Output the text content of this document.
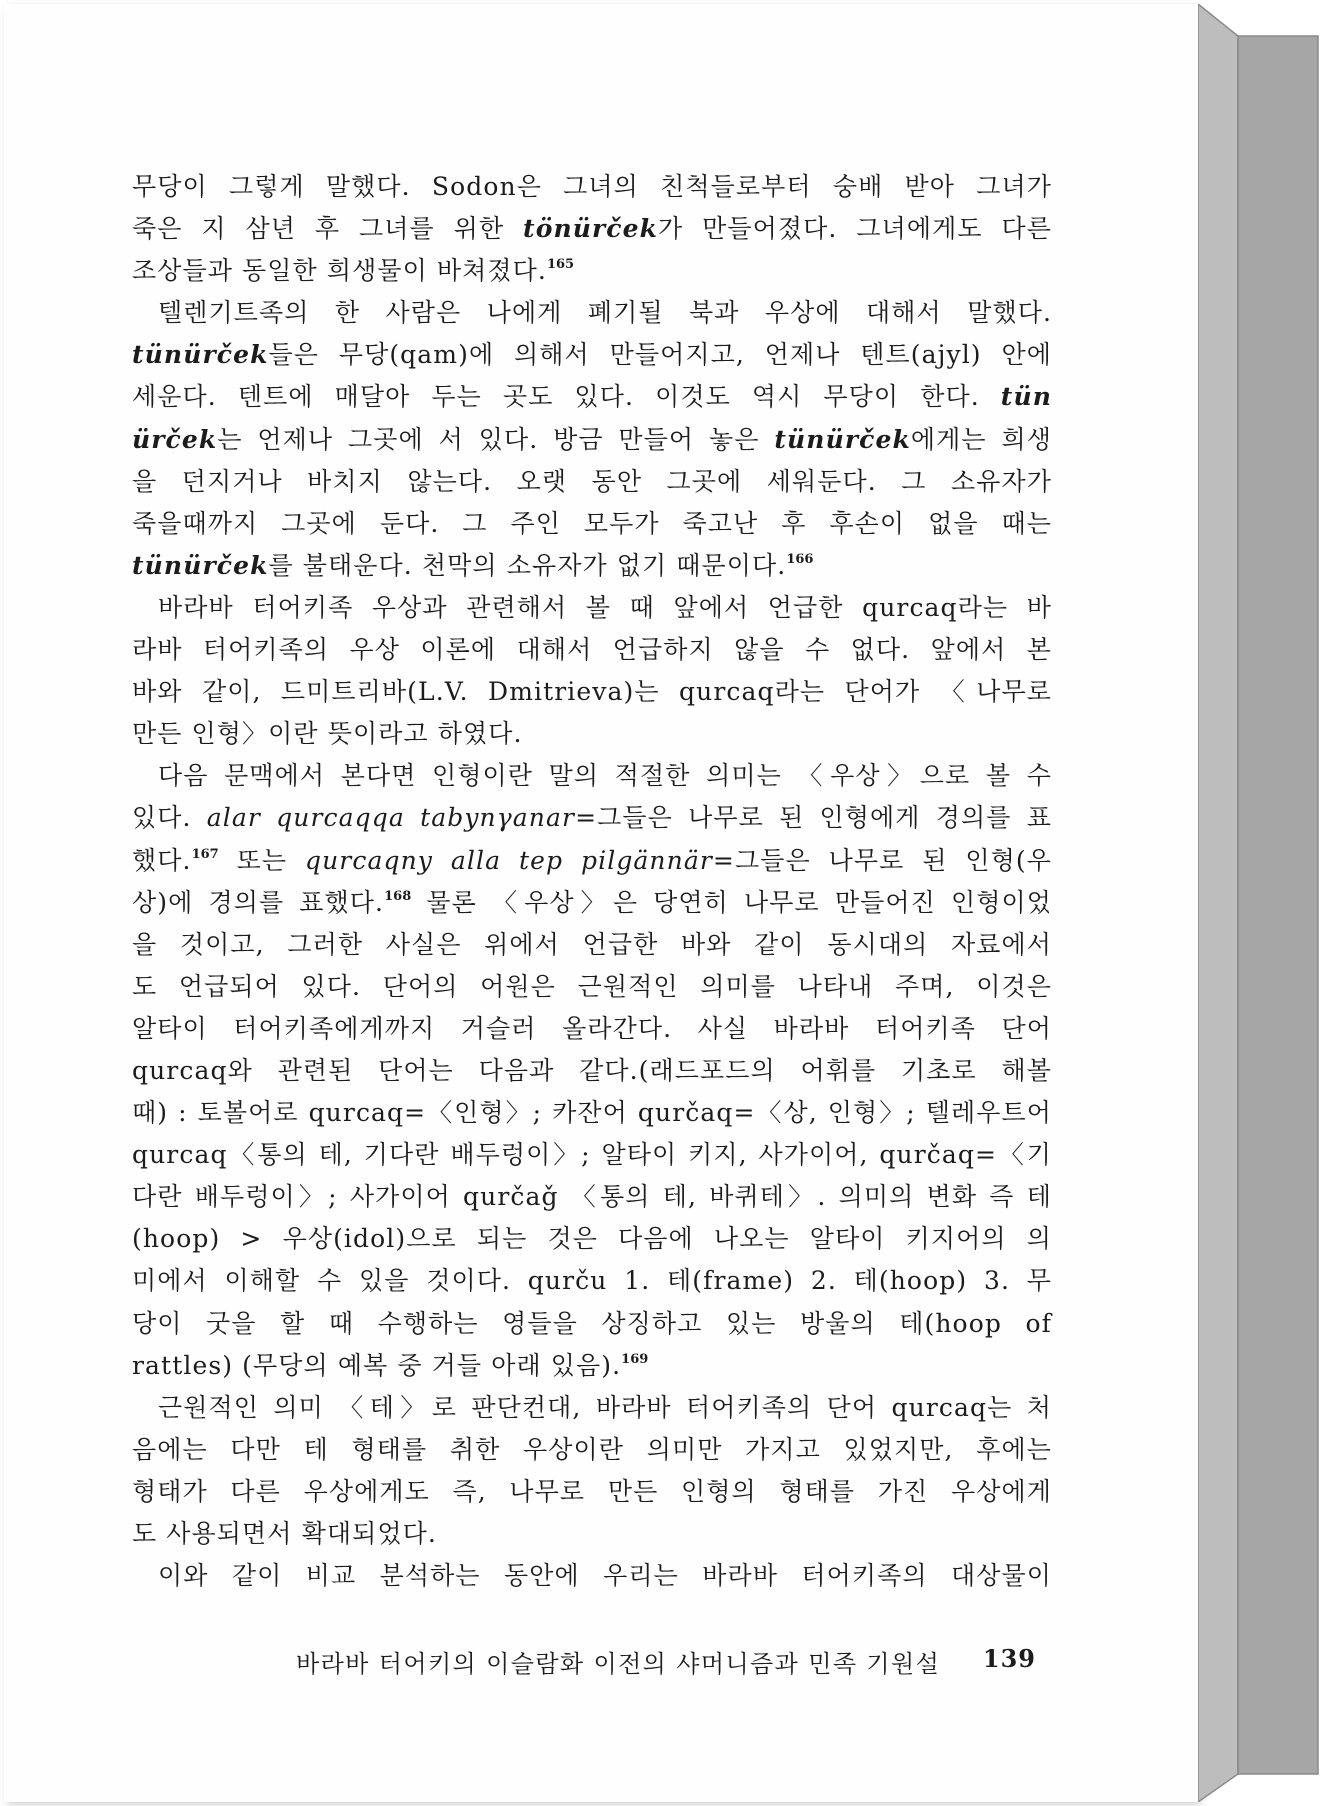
무당이 그렇게 말했다. Sodon은 그녀의 친척들로부터 숭배 받아 그녀가
죽은 지 삼년 후 그녀를 위한 tönürček가 만들어졌다. 그녀에게도 다른
조상들과 동일한 희생물이 바쳐졌다.$^{165}$
텔렌기트족의 한 사람은 나에게 폐기될 북과 우상에 대해서 말했다.
tünürček들은 무당(qam)에 의해서 만들어지고, 언제나 텐트(ajyl) 안에
세운다. 텐트에 매달아 두는 곳도 있다. 이것도 역시 무당이 한다. tün
ürček는 언제나 그곳에 서 있다. 방금 만들어 놓은 tünürček에게는 희생
을 던지거나 바치지 않는다. 오랫 동안 그곳에 세워둔다. 그 소유자가
죽을때까지 그곳에 둔다. 그 주인 모두가 죽고난 후 후손이 없을 때는
tünürček를 불태운다. 천막의 소유자가 없기 때문이다.$^{166}$
바라바 터어키족 우상과 관련해서 볼 때 앞에서 언급한 qurcaq라는 바
라바 터어키족의 우상 이론에 대해서 언급하지 않을 수 없다. 앞에서 본
바와 같이, 드미트리바(L.V. Dmitrieva)는 qurcaq라는 단어가 〈나무로
만든 인형〉이란 뜻이라고 하였다.
다음 문맥에서 본다면 인형이란 말의 적절한 의미는 〈우상〉으로 볼 수
있다. alar qurcaqqa tabynγanar=그들은 나무로 된 인형에게 경의를 표
했다.$^{167}$ 또는 qurcaqny alla tep pilgännär=그들은 나무로 된 인형(우
상)에 경의를 표했다.$^{168}$ 물론 〈우상〉은 당연히 나무로 만들어진 인형이었
을 것이고, 그러한 사실은 위에서 언급한 바와 같이 동시대의 자료에서
도 언급되어 있다. 단어의 어원은 근원적인 의미를 나타내 주며, 이것은
알타이 터어키족에게까지 거슬러 올라간다. 사실 바라바 터어키족 단어
qurcaq와 관련된 단어는 다음과 같다.(래드포드의 어휘를 기초로 해볼
때) : 토볼어로 qurcaq=〈인형〉; 카잔어 qurčaq=〈상, 인형〉; 텔레우트어
qurcaq〈통의 테, 기다란 배두렁이〉; 알타이 키지, 사가이어, qurčaq=〈기
다란 배두렁이〉; 사가이어 qurčaǧ 〈통의 테, 바퀴테〉. 의미의 변화 즉 테
(hoop) > 우상(idol)으로 되는 것은 다음에 나오는 알타이 키지어의 의
미에서 이해할 수 있을 것이다. qurču 1. 테(frame) 2. 테(hoop) 3. 무
당이 굿을 할 때 수행하는 영들을 상징하고 있는 방울의 테(hoop of
rattles) (무당의 예복 중 거들 아래 있음).$^{169}$
근원적인 의미 〈테〉로 판단컨대, 바라바 터어키족의 단어 qurcaq는 처
음에는 다만 테 형태를 취한 우상이란 의미만 가지고 있었지만, 후에는
형태가 다른 우상에게도 즉, 나무로 만든 인형의 형태를 가진 우상에게
도 사용되면서 확대되었다.
이와 같이 비교 분석하는 동안에 우리는 바라바 터어키족의 대상물이
바라바 터어키의 이슬람화 이전의 샤머니즘과 민족 기원설 139
